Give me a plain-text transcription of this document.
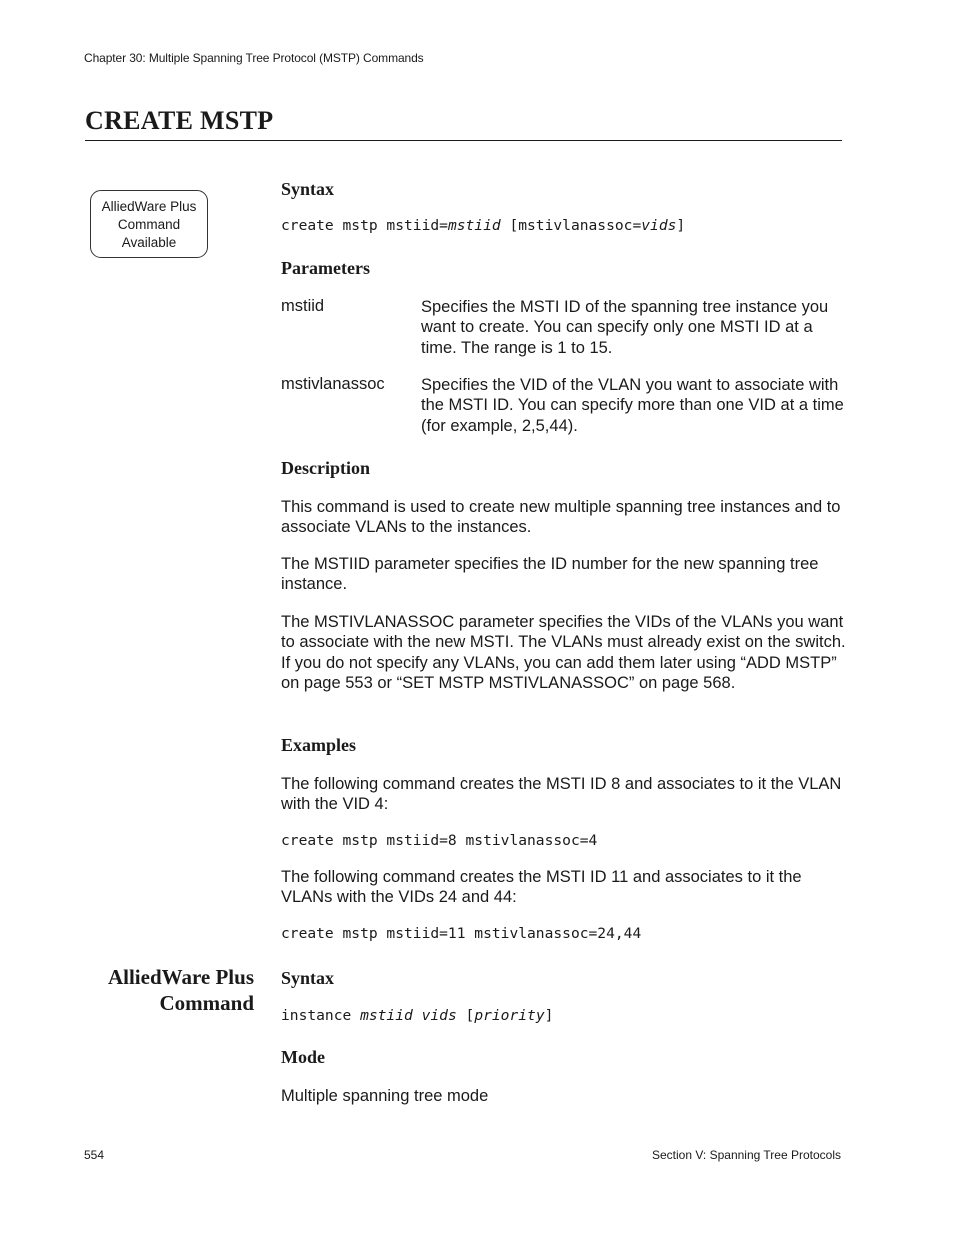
Chapter 30: Multiple Spanning Tree Protocol (MSTP) Commands
CREATE MSTP
AlliedWare Plus
Command
Available
Syntax
create mstp mstiid=mstiid [mstivlanassoc=vids]
Parameters
mstiid	Specifies the MSTI ID of the spanning tree instance you want to create. You can specify only one MSTI ID at a time. The range is 1 to 15.
mstivlanassoc Specifies the VID of the VLAN you want to associate with the MSTI ID. You can specify more than one VID at a time (for example, 2,5,44).
Description
This command is used to create new multiple spanning tree instances and to associate VLANs to the instances.
The MSTIID parameter specifies the ID number for the new spanning tree instance.
The MSTIVLANASSOC parameter specifies the VIDs of the VLANs you want to associate with the new MSTI. The VLANs must already exist on the switch. If you do not specify any VLANs, you can add them later using “ADD MSTP” on page 553 or “SET MSTP MSTIVLANASSOC” on page 568.
Examples
The following command creates the MSTI ID 8 and associates to it the VLAN with the VID 4:
create mstp mstiid=8 mstivlanassoc=4
The following command creates the MSTI ID 11 and associates to it the VLANs with the VIDs 24 and 44:
create mstp mstiid=11 mstivlanassoc=24,44
AlliedWare Plus
Command
Syntax
instance mstiid vids [priority]
Mode
Multiple spanning tree mode
554	Section V: Spanning Tree Protocols
